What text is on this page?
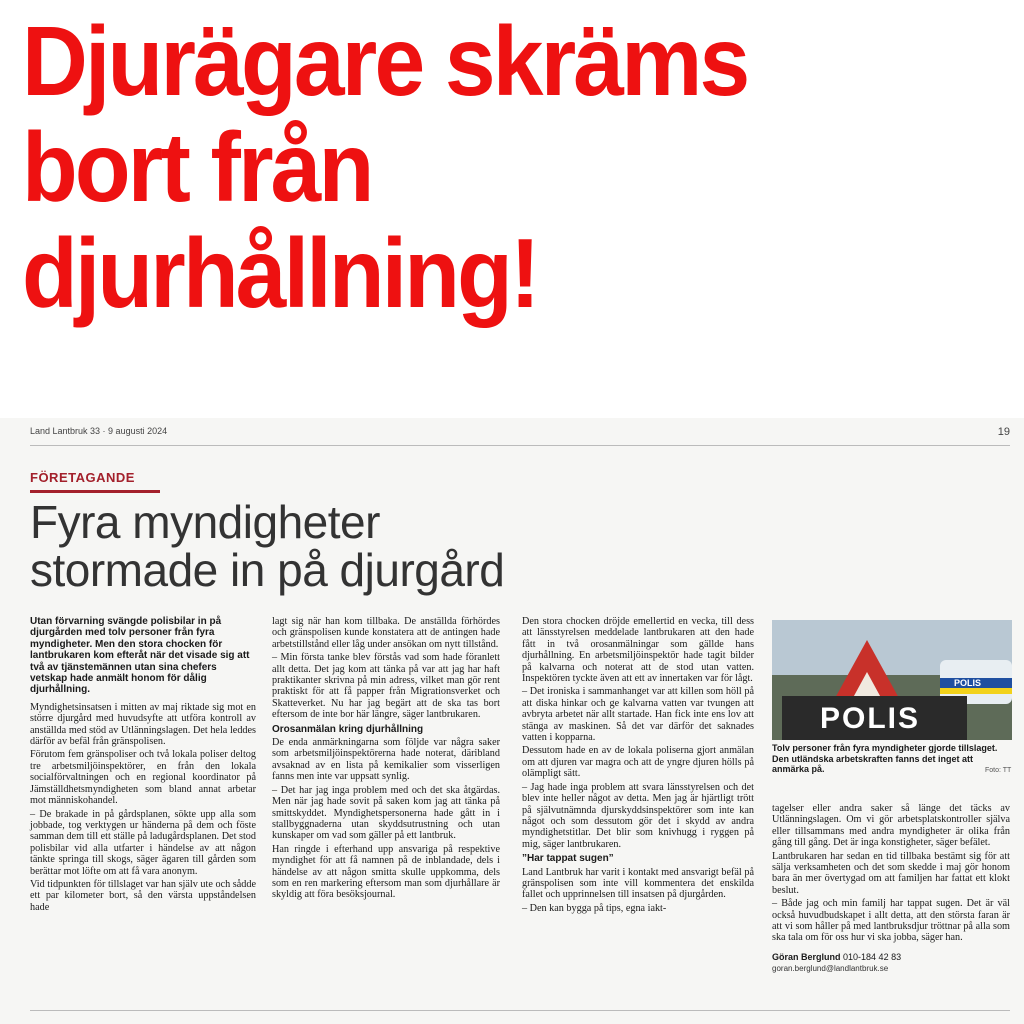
Djurägare skräms
bort från
djurhållning!
Land Lantbruk 33 · 9 augusti 2024	19
FÖRETAGANDE
Fyra myndigheter
stormade in på djurgård

Utan förvarning svängde polisbilar in på djurgården med tolv personer från fyra myndigheter. Men den stora chocken för lantbrukaren kom efteråt när det visade sig att två av tjänstemännen utan sina chefers vetskap hade anmält honom för dålig djurhållning.

Myndighetsinsatsen i mitten av maj riktade sig mot en större djurgård med huvudsyfte att utföra kontroll av anställda med stöd av Utlänningslagen. Det hela leddes därför av befäl från gränspolisen.

Förutom fem gränspoliser och två lokala poliser deltog tre arbetsmiljöinspektörer, en från den lokala socialförvaltningen och en regional koordinator på Jämställdhetsmyndigheten som bland annat arbetar mot människohandel.

– De brakade in på gårdsplanen, sökte upp alla som jobbade, tog verktygen ur händerna på dem och föste samman dem till ett ställe på ladugårdsplanen. Det stod polisbilar vid alla utfarter i händelse av att någon tänkte springa till skogs, säger ägaren till gården som berättar mot löfte om att få vara anonym.

Vid tidpunkten för tillslaget var han själv ute och sådde ett par kilometer bort, så den värsta uppståndelsen hade

lagt sig när han kom tillbaka. De anställda förhördes och gränspolisen kunde konstatera att de antingen hade arbetstillstånd eller låg under ansökan om nytt tillstånd.

– Min första tanke blev förstås vad som hade föranlett allt detta. Det jag kom att tänka på var att jag har haft praktikanter skrivna på min adress, vilket man gör rent praktiskt för att få papper från Migrationsverket och Skatteverket. Nu har jag begärt att de ska tas bort eftersom de inte bor här längre, säger lantbrukaren.

Orosanmälan kring djurhållning

De enda anmärkningarna som följde var några saker som arbetsmiljöinspektörerna hade noterat, däribland avsaknad av en lista på kemikalier som visserligen fanns men inte var uppsatt synlig.

– Det har jag inga problem med och det ska åtgärdas. Men när jag hade sovit på saken kom jag att tänka på smittskyddet. Myndighetspersonerna hade gått in i stallbyggnaderna utan skyddsutrustning och utan kunskaper om vad som gäller på ett lantbruk.

Han ringde i efterhand upp ansvariga på respektive myndighet för att få namnen på de inblandade, dels i händelse av att någon smitta skulle uppkomma, dels som en ren markering eftersom man som djurhållare är skyldig att föra besöksjournal.

Den stora chocken dröjde emellertid en vecka, till dess att länsstyrelsen meddelade lantbrukaren att den hade fått in två orosanmälningar som gällde hans djurhållning. En arbetsmiljöinspektör hade tagit bilder på kalvarna och noterat att de stod utan vatten. Inspektören tyckte även att ett av innertaken var för lågt.

– Det ironiska i sammanhanget var att killen som höll på att diska hinkar och ge kalvarna vatten var tvungen att avbryta arbetet när allt startade. Han fick inte ens lov att stänga av maskinen. Så det var därför det saknades vatten i kopparna.

Dessutom hade en av de lokala poliserna gjort anmälan om att djuren var magra och att de yngre djuren hölls på olämpligt sätt.

– Jag hade inga problem att svara länsstyrelsen och det blev inte heller något av detta. Men jag är hjärtligt trött på självutnämnda djurskyddsinspektörer som inte kan något och som dessutom gör det i skydd av andra myndighetstitlar. Det blir som knivhugg i ryggen på mig, säger lantbrukaren.

”Har tappat sugen”

Land Lantbruk har varit i kontakt med ansvarigt befäl på gränspolisen som inte vill kommentera det enskilda fallet och upprinnelsen till insatsen på djurgården.

– Den kan bygga på tips, egna iakt-

POLIS
POLIS
Tolv personer från fyra myndigheter gjorde tillslaget. Den utländska arbetskraften fanns det inget att anmärka på.	Foto: TT

tagelser eller andra saker så länge det täcks av Utlänningslagen. Om vi gör arbetsplatskontroller själva eller tillsammans med andra myndigheter är olika från gång till gång. Det är inga konstigheter, säger befälet.

Lantbrukaren har sedan en tid tillbaka bestämt sig för att sälja verksamheten och det som skedde i maj gör honom bara än mer övertygad om att familjen har fattat ett klokt beslut.

– Både jag och min familj har tappat sugen. Det är väl också huvudbudskapet i allt detta, att den största faran är att vi som håller på med lantbruksdjur tröttnar på alla som ska tala om för oss hur vi ska jobba, säger han.

Göran Berglund 010-184 42 83
goran.berglund@landlantbruk.se
